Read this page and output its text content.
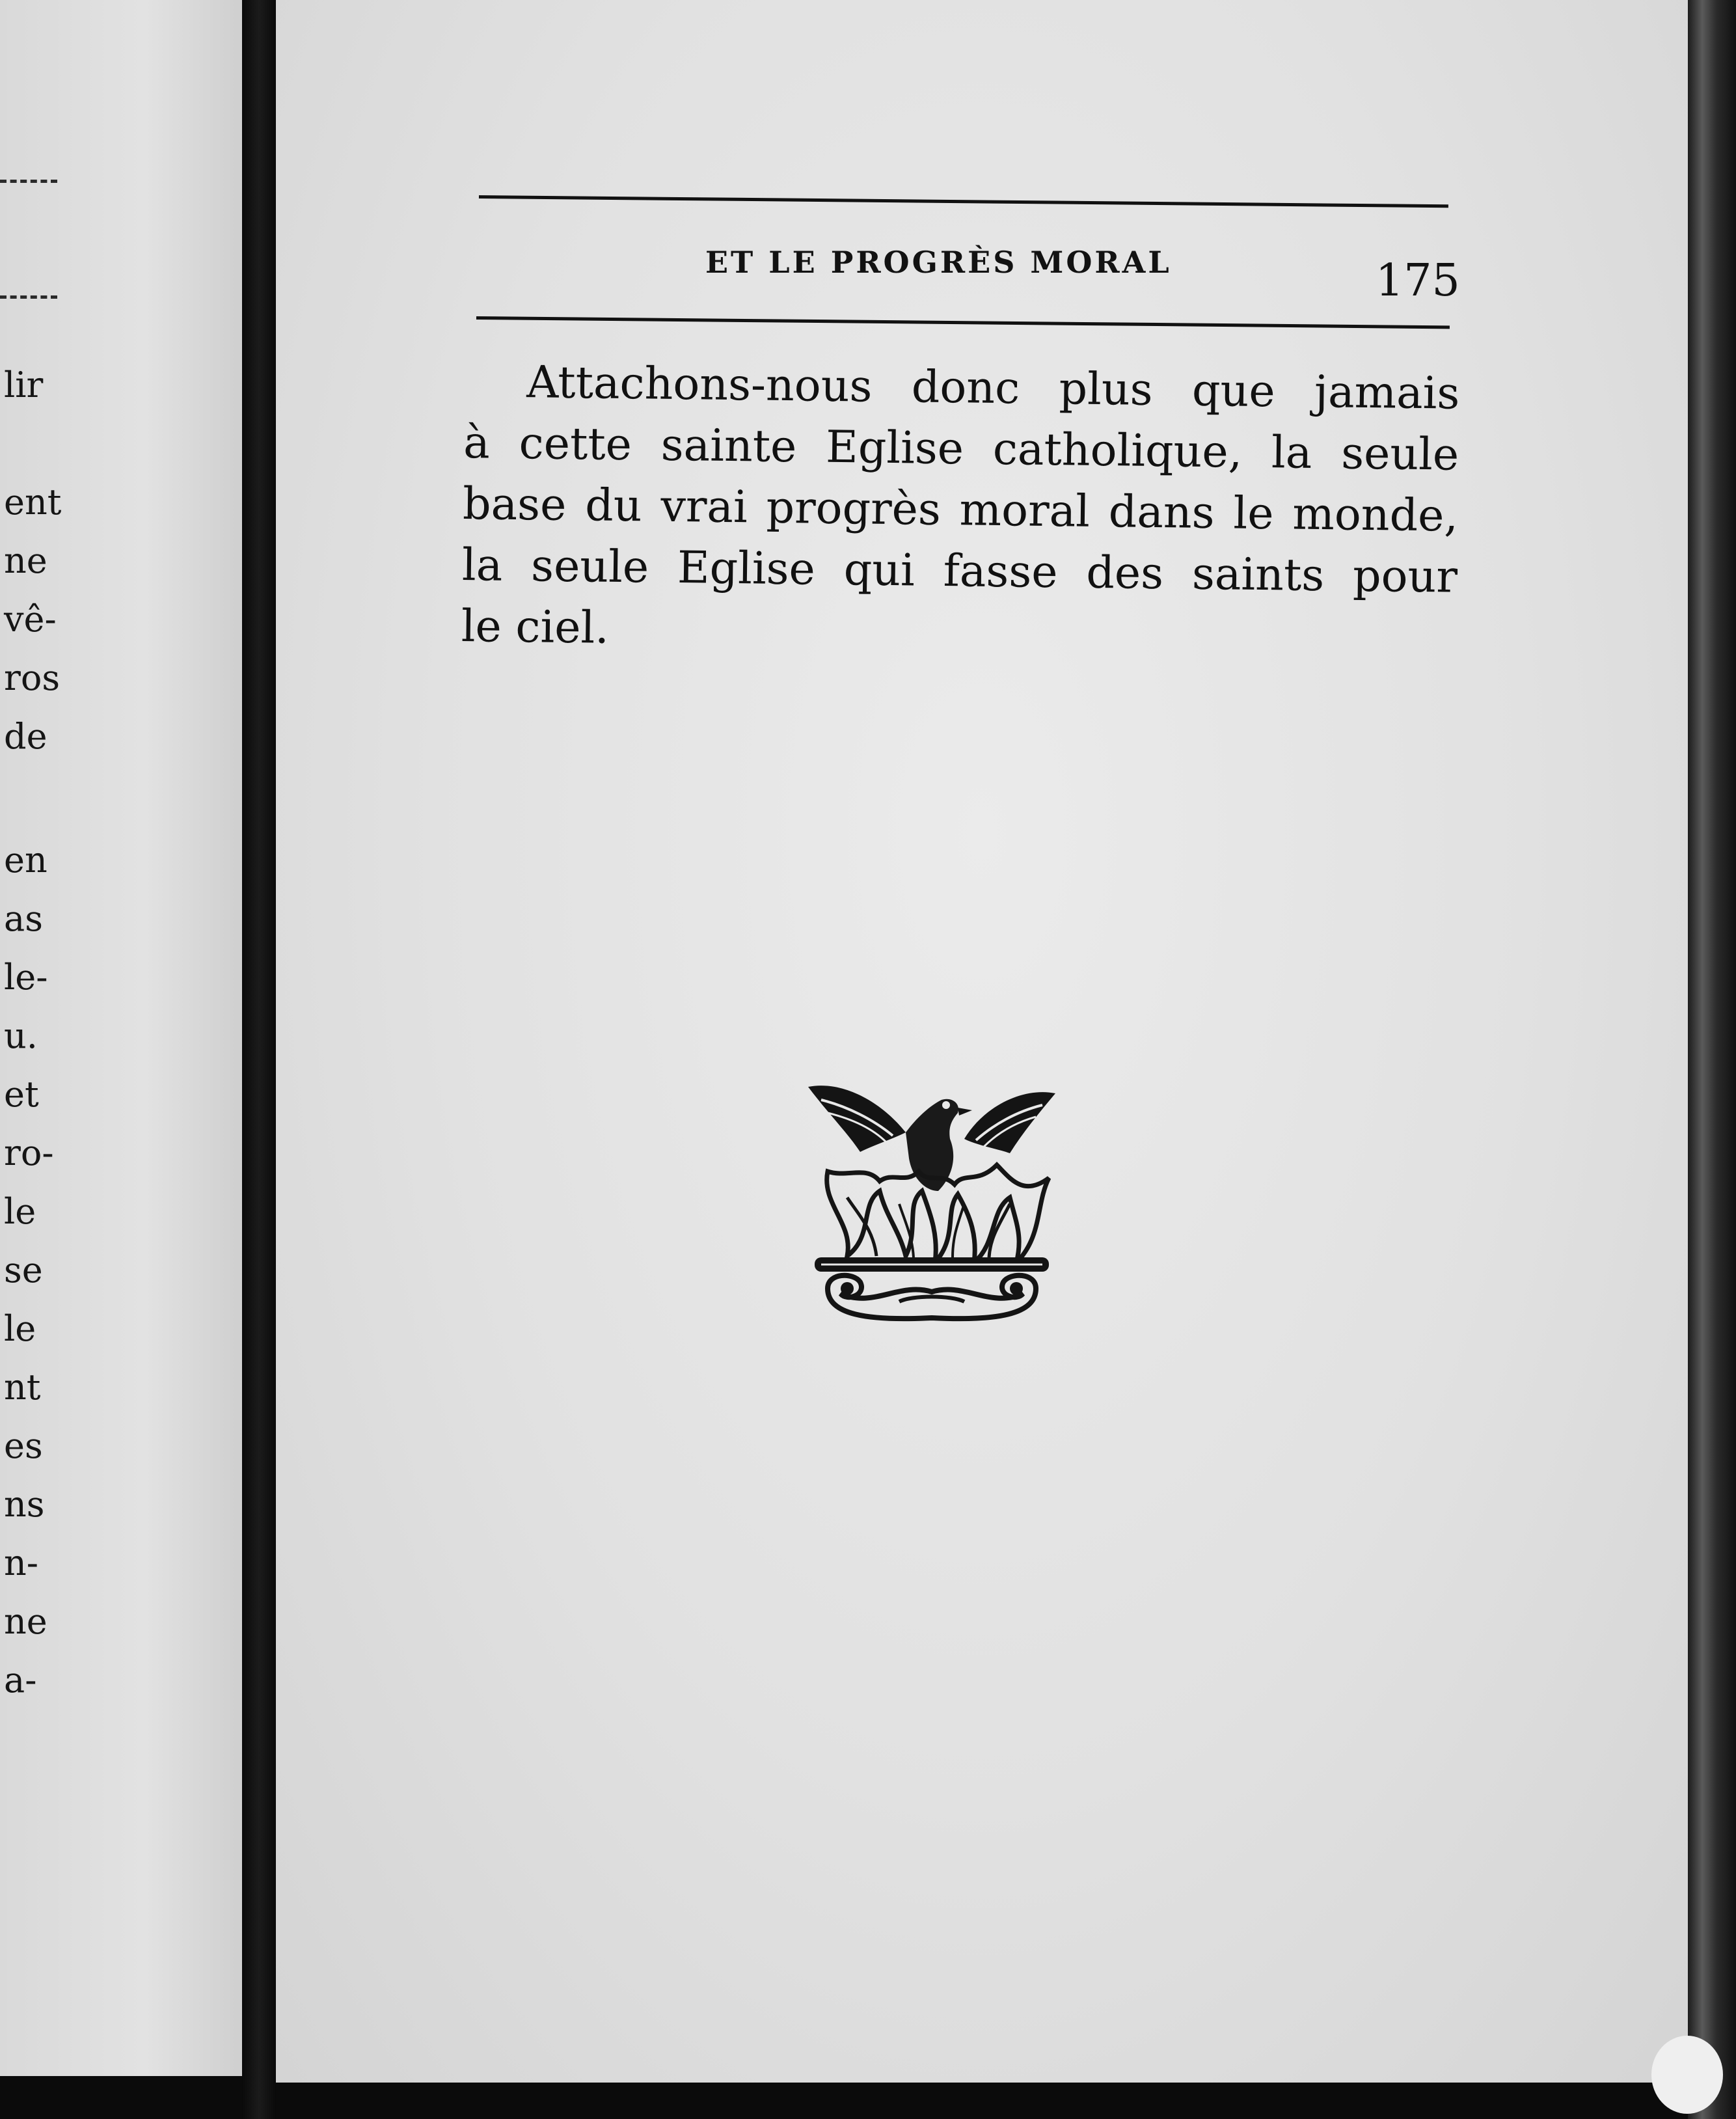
lir
ent
ne
vê-
ros
de
en
as
le-
u.
et
ro-
le
se
le
nt
es
ns
n-
ne
a-
ET LE PROGRÈS MORAL	175
Attachons-nous donc plus que jamais
à cette sainte Eglise catholique, la seule
base du vrai progrès moral dans le monde,
la seule Eglise qui fasse des saints pour
le ciel.
